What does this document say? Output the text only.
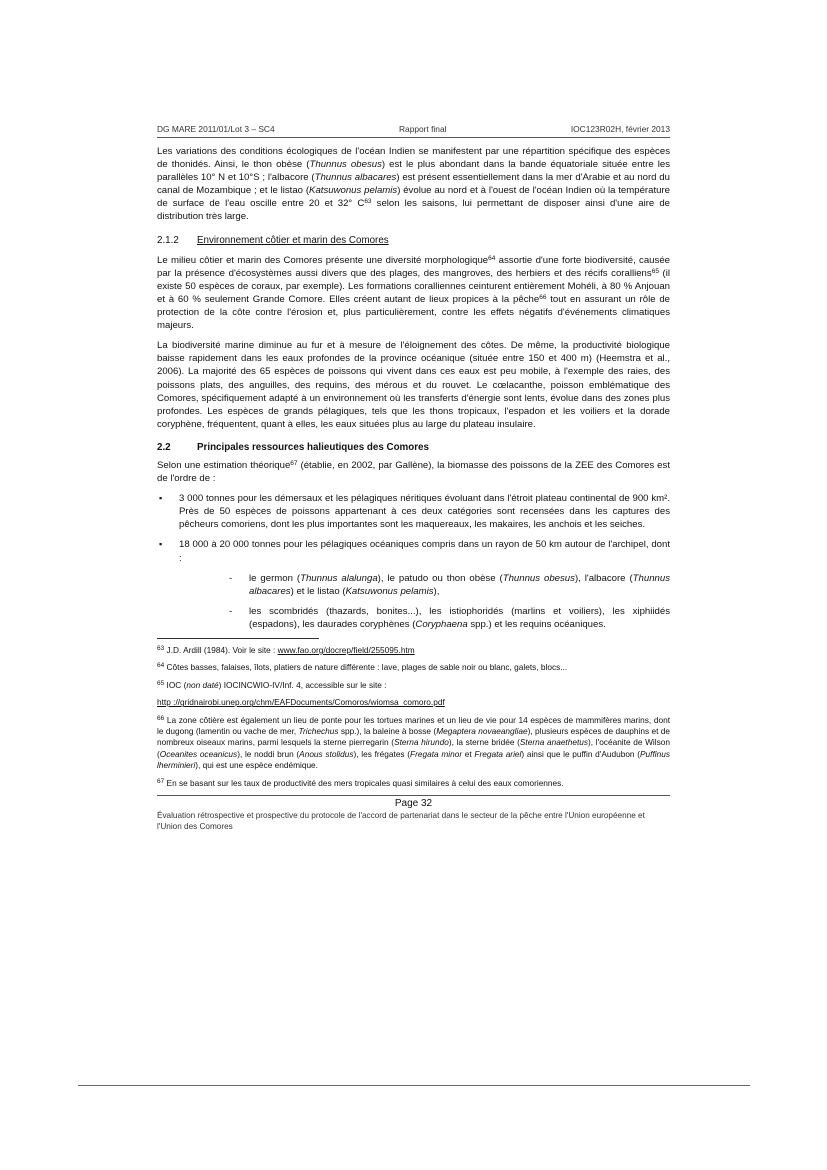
DG MARE 2011/01/Lot 3 – SC4	Rapport final	IOC123R02H, février 2013

Les variations des conditions écologiques de l'océan Indien se manifestent par une répartition spécifique des espèces de thonidés. Ainsi, le thon obèse (Thunnus obesus) est le plus abondant dans la bande équatoriale située entre les parallèles 10° N et 10°S ; l'albacore (Thunnus albacares) est présent essentiellement dans la mer d'Arabie et au nord du canal de Mozambique ; et le listao (Katsuwonus pelamis) évolue au nord et à l'ouest de l'océan Indien où la température de surface de l'eau oscille entre 20 et 32° $C^{63}$ selon les saisons, lui permettant de disposer ainsi d'une aire de distribution très large.

2.1.2	Environnement côtier et marin des Comores

Le milieu côtier et marin des Comores présente une diversité morphologique$^{64}$ assortie d'une forte biodiversité, causée par la présence d'écosystèmes aussi divers que des plages, des mangroves, des herbiers et des récifs coralliens$^{65}$ (il existe 50 espèces de coraux, par exemple). Les formations coralliennes ceinturent entièrement Mohéli, à 80 % Anjouan et à 60 % seulement Grande Comore. Elles créent autant de lieux propices à la pêche$^{66}$ tout en assurant un rôle de protection de la côte contre l'érosion et, plus particulièrement, contre les effets négatifs d'événements climatiques majeurs.

La biodiversité marine diminue au fur et à mesure de l'éloignement des côtes. De même, la productivité biologique baisse rapidement dans les eaux profondes de la province océanique (située entre 150 et 400 m) (Heemstra et al., 2006). La majorité des 65 espèces de poissons qui vivent dans ces eaux est peu mobile, à l'exemple des raies, des poissons plats, des anguilles, des requins, des mérous et du rouvet. Le cœlacanthe, poisson emblématique des Comores, spécifiquement adapté à un environnement où les transferts d'énergie sont lents, évolue dans des zones plus profondes. Les espèces de grands pélagiques, tels que les thons tropicaux, l'espadon et les voiliers et la dorade coryphène, fréquentent, quant à elles, les eaux situées plus au large du plateau insulaire.

2.2	Principales ressources halieutiques des Comores

Selon une estimation théorique$^{67}$ (établie, en 2002, par Gallène), la biomasse des poissons de la ZEE des Comores est de l'ordre de :

▪ 3 000 tonnes pour les démersaux et les pélagiques néritiques évoluant dans l'étroit plateau continental de 900 km². Près de 50 espèces de poissons appartenant à ces deux catégories sont recensées dans les captures des pêcheurs comoriens, dont les plus importantes sont les maquereaux, les makaires, les anchois et les seiches.
▪ 18 000 à 20 000 tonnes pour les pélagiques océaniques compris dans un rayon de 50 km autour de l'archipel, dont :
- le germon (Thunnus alalunga), le patudo ou thon obèse (Thunnus obesus), l'albacore (Thunnus albacares) et le listao (Katsuwonus pelamis),
- les scombridés (thazards, bonites...), les istiophoridés (marlins et voiliers), les xiphiidés (espadons), les daurades coryphènes (Coryphaena spp.) et les requins océaniques.
$^{63}$ J.D. Ardill (1984). Voir le site : www.fao.org/docrep/field/255095.htm
$^{64}$ Côtes basses, falaises, îlots, platiers de nature différente : lave, plages de sable noir ou blanc, galets, blocs...
$^{65}$ IOC (non daté) IOCINCWIO-IV/Inf. 4, accessible sur le site :
http ://gridnairobi.unep.org/chm/EAFDocuments/Comoros/wiomsa_comoro.pdf
$^{66}$ La zone côtière est également un lieu de ponte pour les tortues marines et un lieu de vie pour 14 espèces de mammifères marins, dont le dugong (lamentin ou vache de mer, Trichechus spp.), la baleine à bosse (Megaptera novaeangliae), plusieurs espèces de dauphins et de nombreux oiseaux marins, parmi lesquels la sterne pierregarin (Sterna hirundo), la sterne bridée (Sterna anaethetus), l'océanite de Wilson (Oceanites oceanicus), le noddi brun (Anous stolidus), les frégates (Fregata minor et Fregata ariel) ainsi que le puffin d'Audubon (Puffinus lherminieri), qui est une espèce endémique.
$^{67}$ En se basant sur les taux de productivité des mers tropicales quasi similaires à celui des eaux comoriennes.
Page 32
Évaluation rétrospective et prospective du protocole de l'accord de partenariat dans le secteur de la pêche entre l'Union européenne et l'Union des Comores
